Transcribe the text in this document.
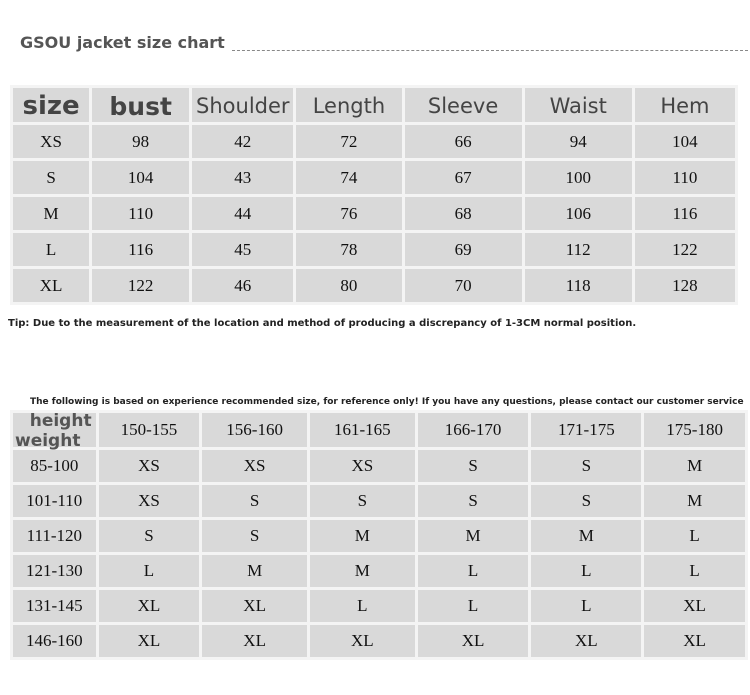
GSOU jacket size chart
size	bust	Shoulder	Length	Sleeve	Waist	Hem
XS	98	42	72	66	94	104
S	104	43	74	67	100	110
M	110	44	76	68	106	116
L	116	45	78	69	112	122
XL	122	46	80	70	118	128
Tip: Due to the measurement of the location and method of producing a discrepancy of 1-3CM normal position.
The following is based on experience recommended size, for reference only! If you have any questions, please contact our customer service
height
weight	150-155	156-160	161-165	166-170	171-175	175-180
85-100	XS	XS	XS	S	S	M
101-110	XS	S	S	S	S	M
111-120	S	S	M	M	M	L
121-130	L	M	M	L	L	L
131-145	XL	XL	L	L	L	XL
146-160	XL	XL	XL	XL	XL	XL
